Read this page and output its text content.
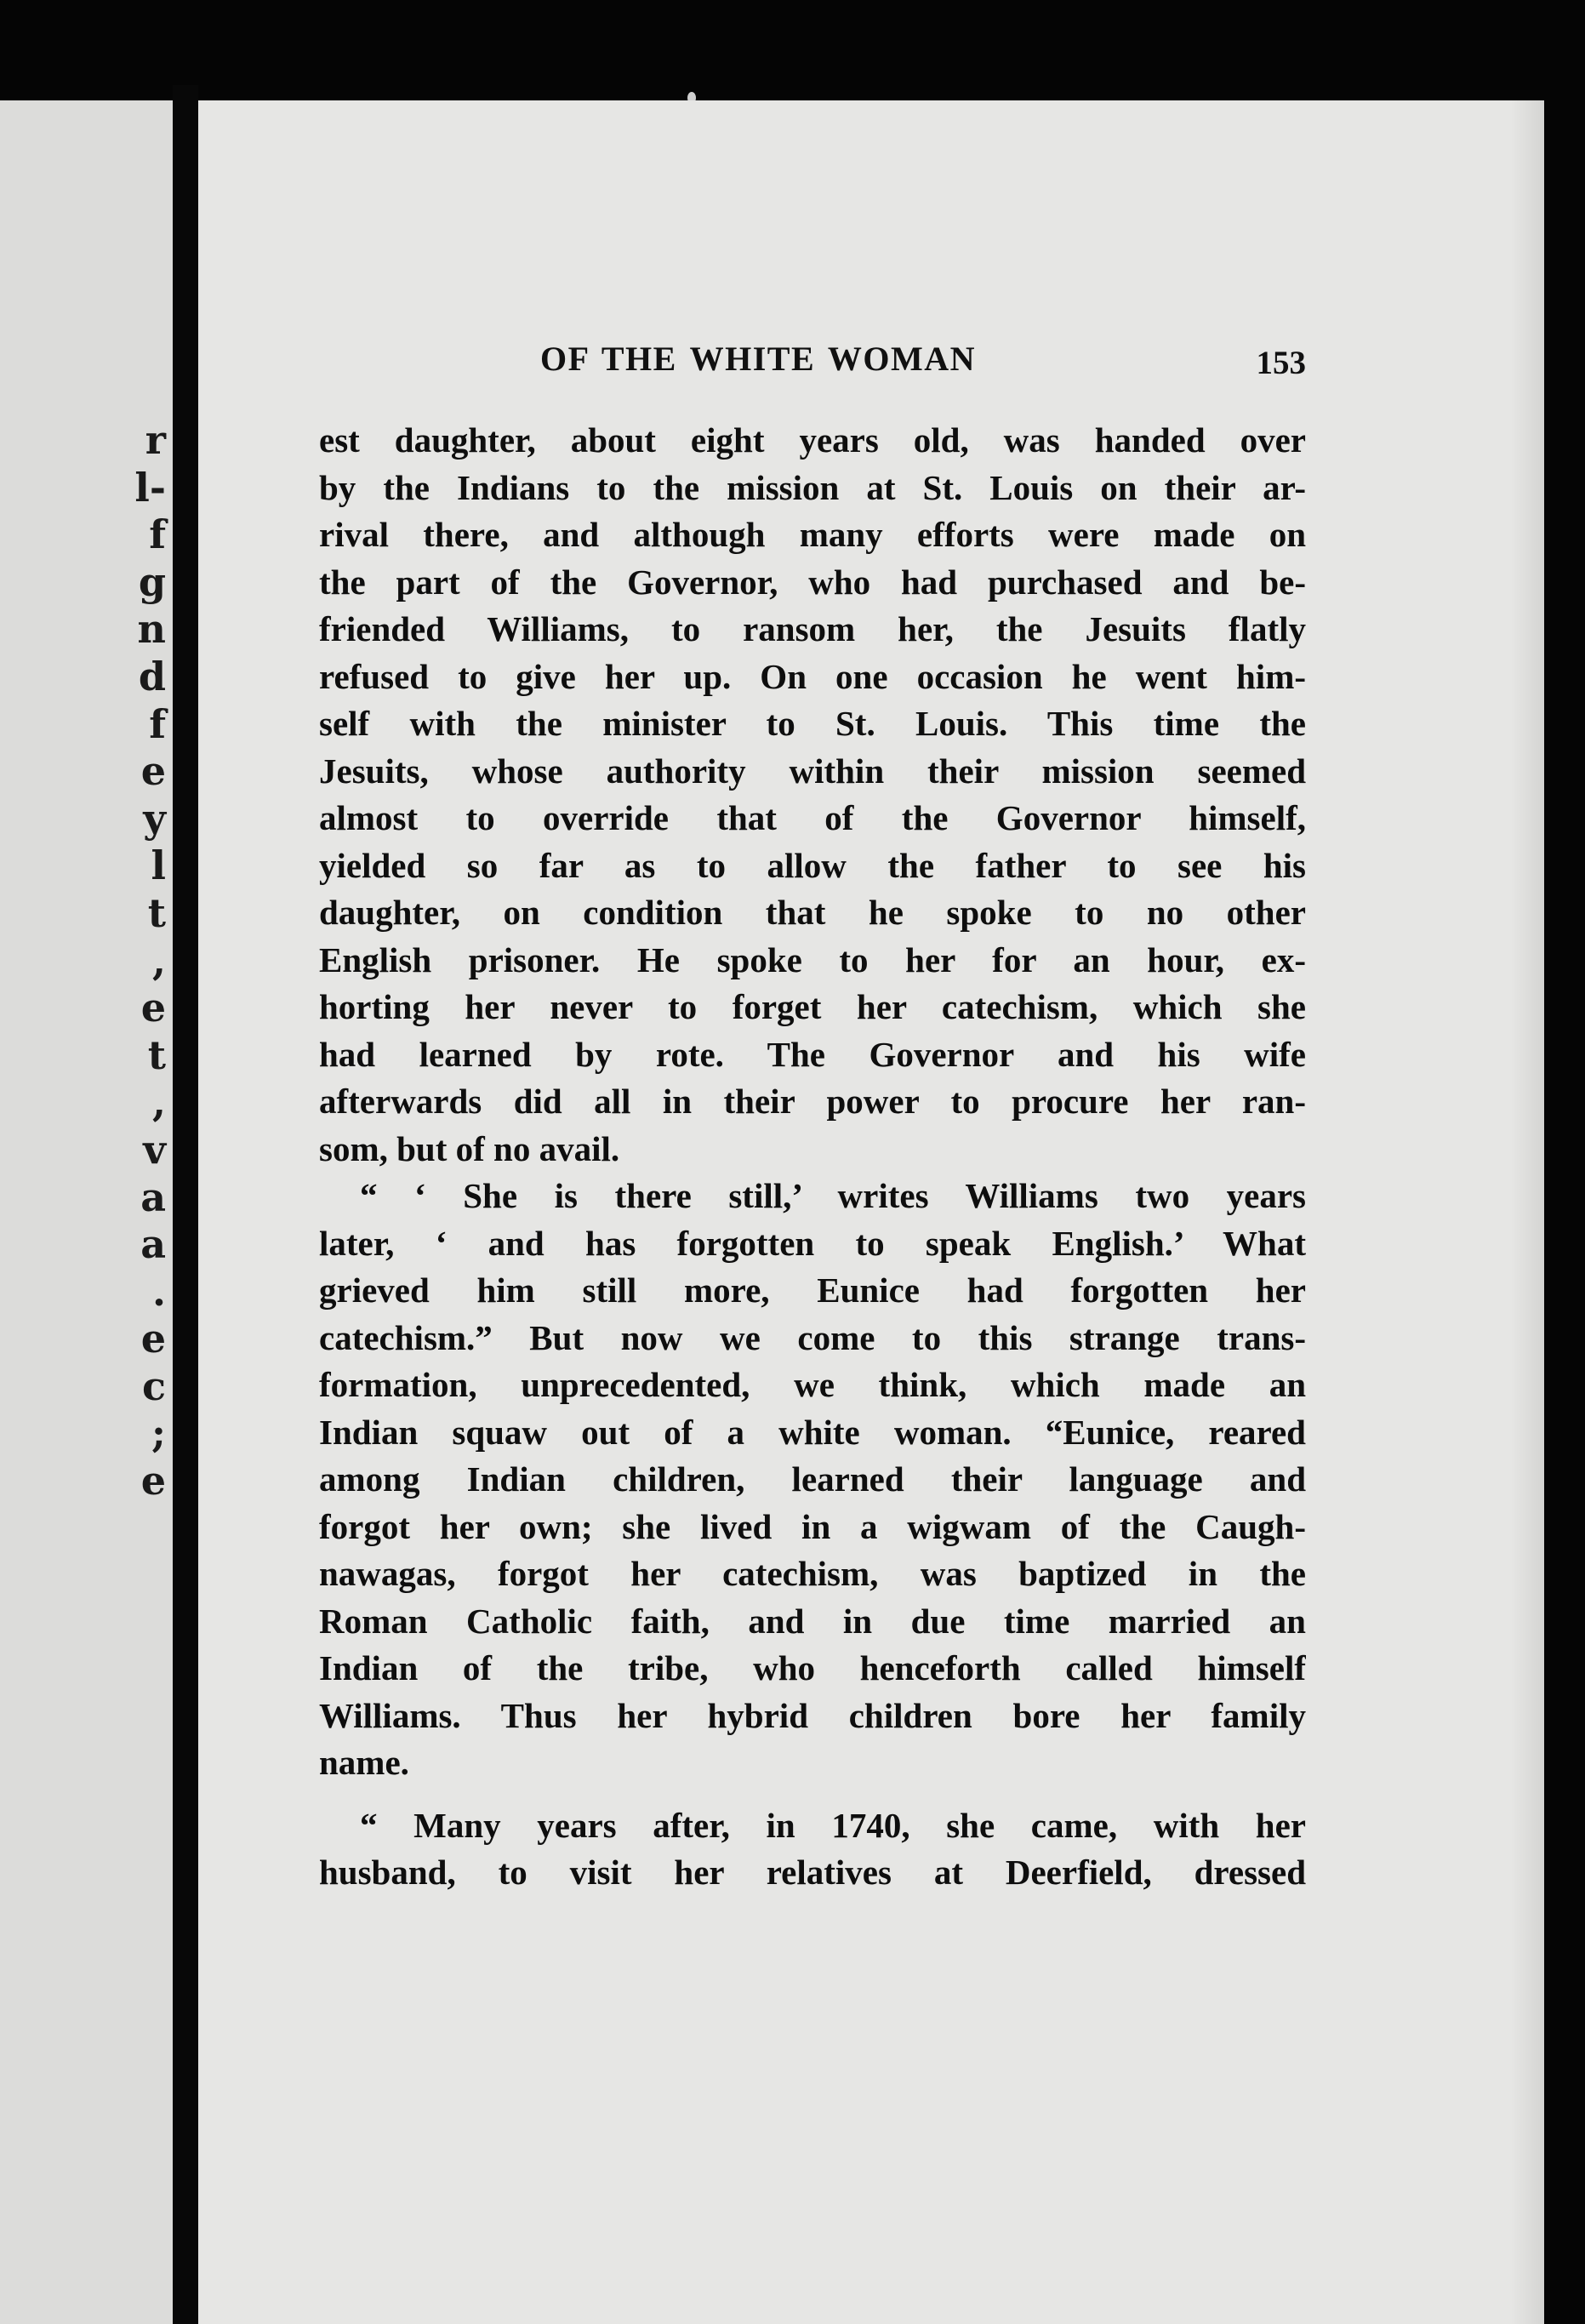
r
l-
f
g
n
d
f
e
y
l
t
,
e
t
,
v
a
a
.
e
c
;
e
OF THE WHITE WOMAN	153

est daughter, about eight years old, was handed over
by the Indians to the mission at St. Louis on their ar-
rival there, and although many efforts were made on
the part of the Governor, who had purchased and be-
friended Williams, to ransom her, the Jesuits flatly
refused to give her up. On one occasion he went him-
self with the minister to St. Louis. This time the
Jesuits, whose authority within their mission seemed
almost to override that of the Governor himself,
yielded so far as to allow the father to see his
daughter, on condition that he spoke to no other
English prisoner. He spoke to her for an hour, ex-
horting her never to forget her catechism, which she
had learned by rote. The Governor and his wife
afterwards did all in their power to procure her ran-
som, but of no avail.

“ ‘ She is there still,’ writes Williams two years
later, ‘ and has forgotten to speak English.’ What
grieved him still more, Eunice had forgotten her
catechism.” But now we come to this strange trans-
formation, unprecedented, we think, which made an
Indian squaw out of a white woman. “Eunice, reared
among Indian children, learned their language and
forgot her own; she lived in a wigwam of the Caugh-
nawagas, forgot her catechism, was baptized in the
Roman Catholic faith, and in due time married an
Indian of the tribe, who henceforth called himself
Williams. Thus her hybrid children bore her family
name.

“ Many years after, in 1740, she came, with her
husband, to visit her relatives at Deerfield, dressed
